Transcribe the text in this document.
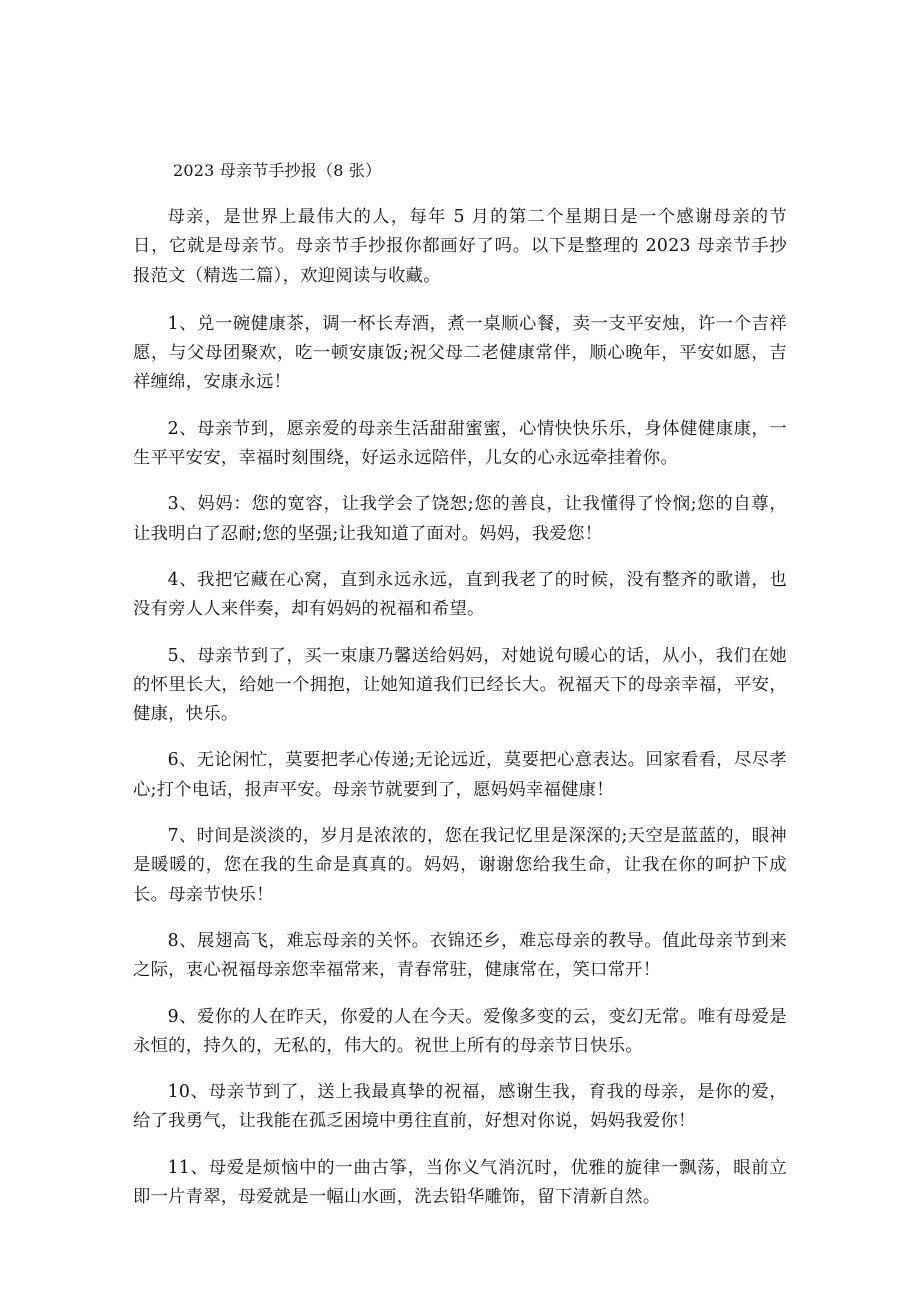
2023 母亲节手抄报（8 张）

母亲，是世界上最伟大的人，每年 5 月的第二个星期日是一个感谢母亲的节日，它就是母亲节。母亲节手抄报你都画好了吗。以下是整理的 2023 母亲节手抄报范文（精选二篇），欢迎阅读与收藏。

1、兑一碗健康茶，调一杯长寿酒，煮一桌顺心餐，卖一支平安烛，许一个吉祥愿，与父母团聚欢，吃一顿安康饭;祝父母二老健康常伴，顺心晚年，平安如愿，吉祥缠绵，安康永远！

2、母亲节到，愿亲爱的母亲生活甜甜蜜蜜，心情快快乐乐，身体健健康康，一生平平安安，幸福时刻围绕，好运永远陪伴，儿女的心永远牵挂着你。

3、妈妈：您的宽容，让我学会了饶恕;您的善良，让我懂得了怜悯;您的自尊，让我明白了忍耐;您的坚强;让我知道了面对。妈妈，我爱您！

4、我把它藏在心窝，直到永远永远，直到我老了的时候，没有整齐的歌谱，也没有旁人人来伴奏，却有妈妈的祝福和希望。

5、母亲节到了，买一束康乃馨送给妈妈，对她说句暖心的话，从小，我们在她的怀里长大，给她一个拥抱，让她知道我们已经长大。祝福天下的母亲幸福，平安，健康，快乐。

6、无论闲忙，莫要把孝心传递;无论远近，莫要把心意表达。回家看看，尽尽孝心;打个电话，报声平安。母亲节就要到了，愿妈妈幸福健康！

7、时间是淡淡的，岁月是浓浓的，您在我记忆里是深深的;天空是蓝蓝的，眼神是暖暖的，您在我的生命是真真的。妈妈，谢谢您给我生命，让我在你的呵护下成长。母亲节快乐！

8、展翅高飞，难忘母亲的关怀。衣锦还乡，难忘母亲的教导。值此母亲节到来之际，衷心祝福母亲您幸福常来，青春常驻，健康常在，笑口常开！

9、爱你的人在昨天，你爱的人在今天。爱像多变的云，变幻无常。唯有母爱是永恒的，持久的，无私的，伟大的。祝世上所有的母亲节日快乐。

10、母亲节到了，送上我最真挚的祝福，感谢生我，育我的母亲，是你的爱，给了我勇气，让我能在孤乏困境中勇往直前，好想对你说，妈妈我爱你！

11、母爱是烦恼中的一曲古筝，当你义气消沉时，优雅的旋律一飘荡，眼前立即一片青翠，母爱就是一幅山水画，洗去铅华雕饰，留下清新自然。
